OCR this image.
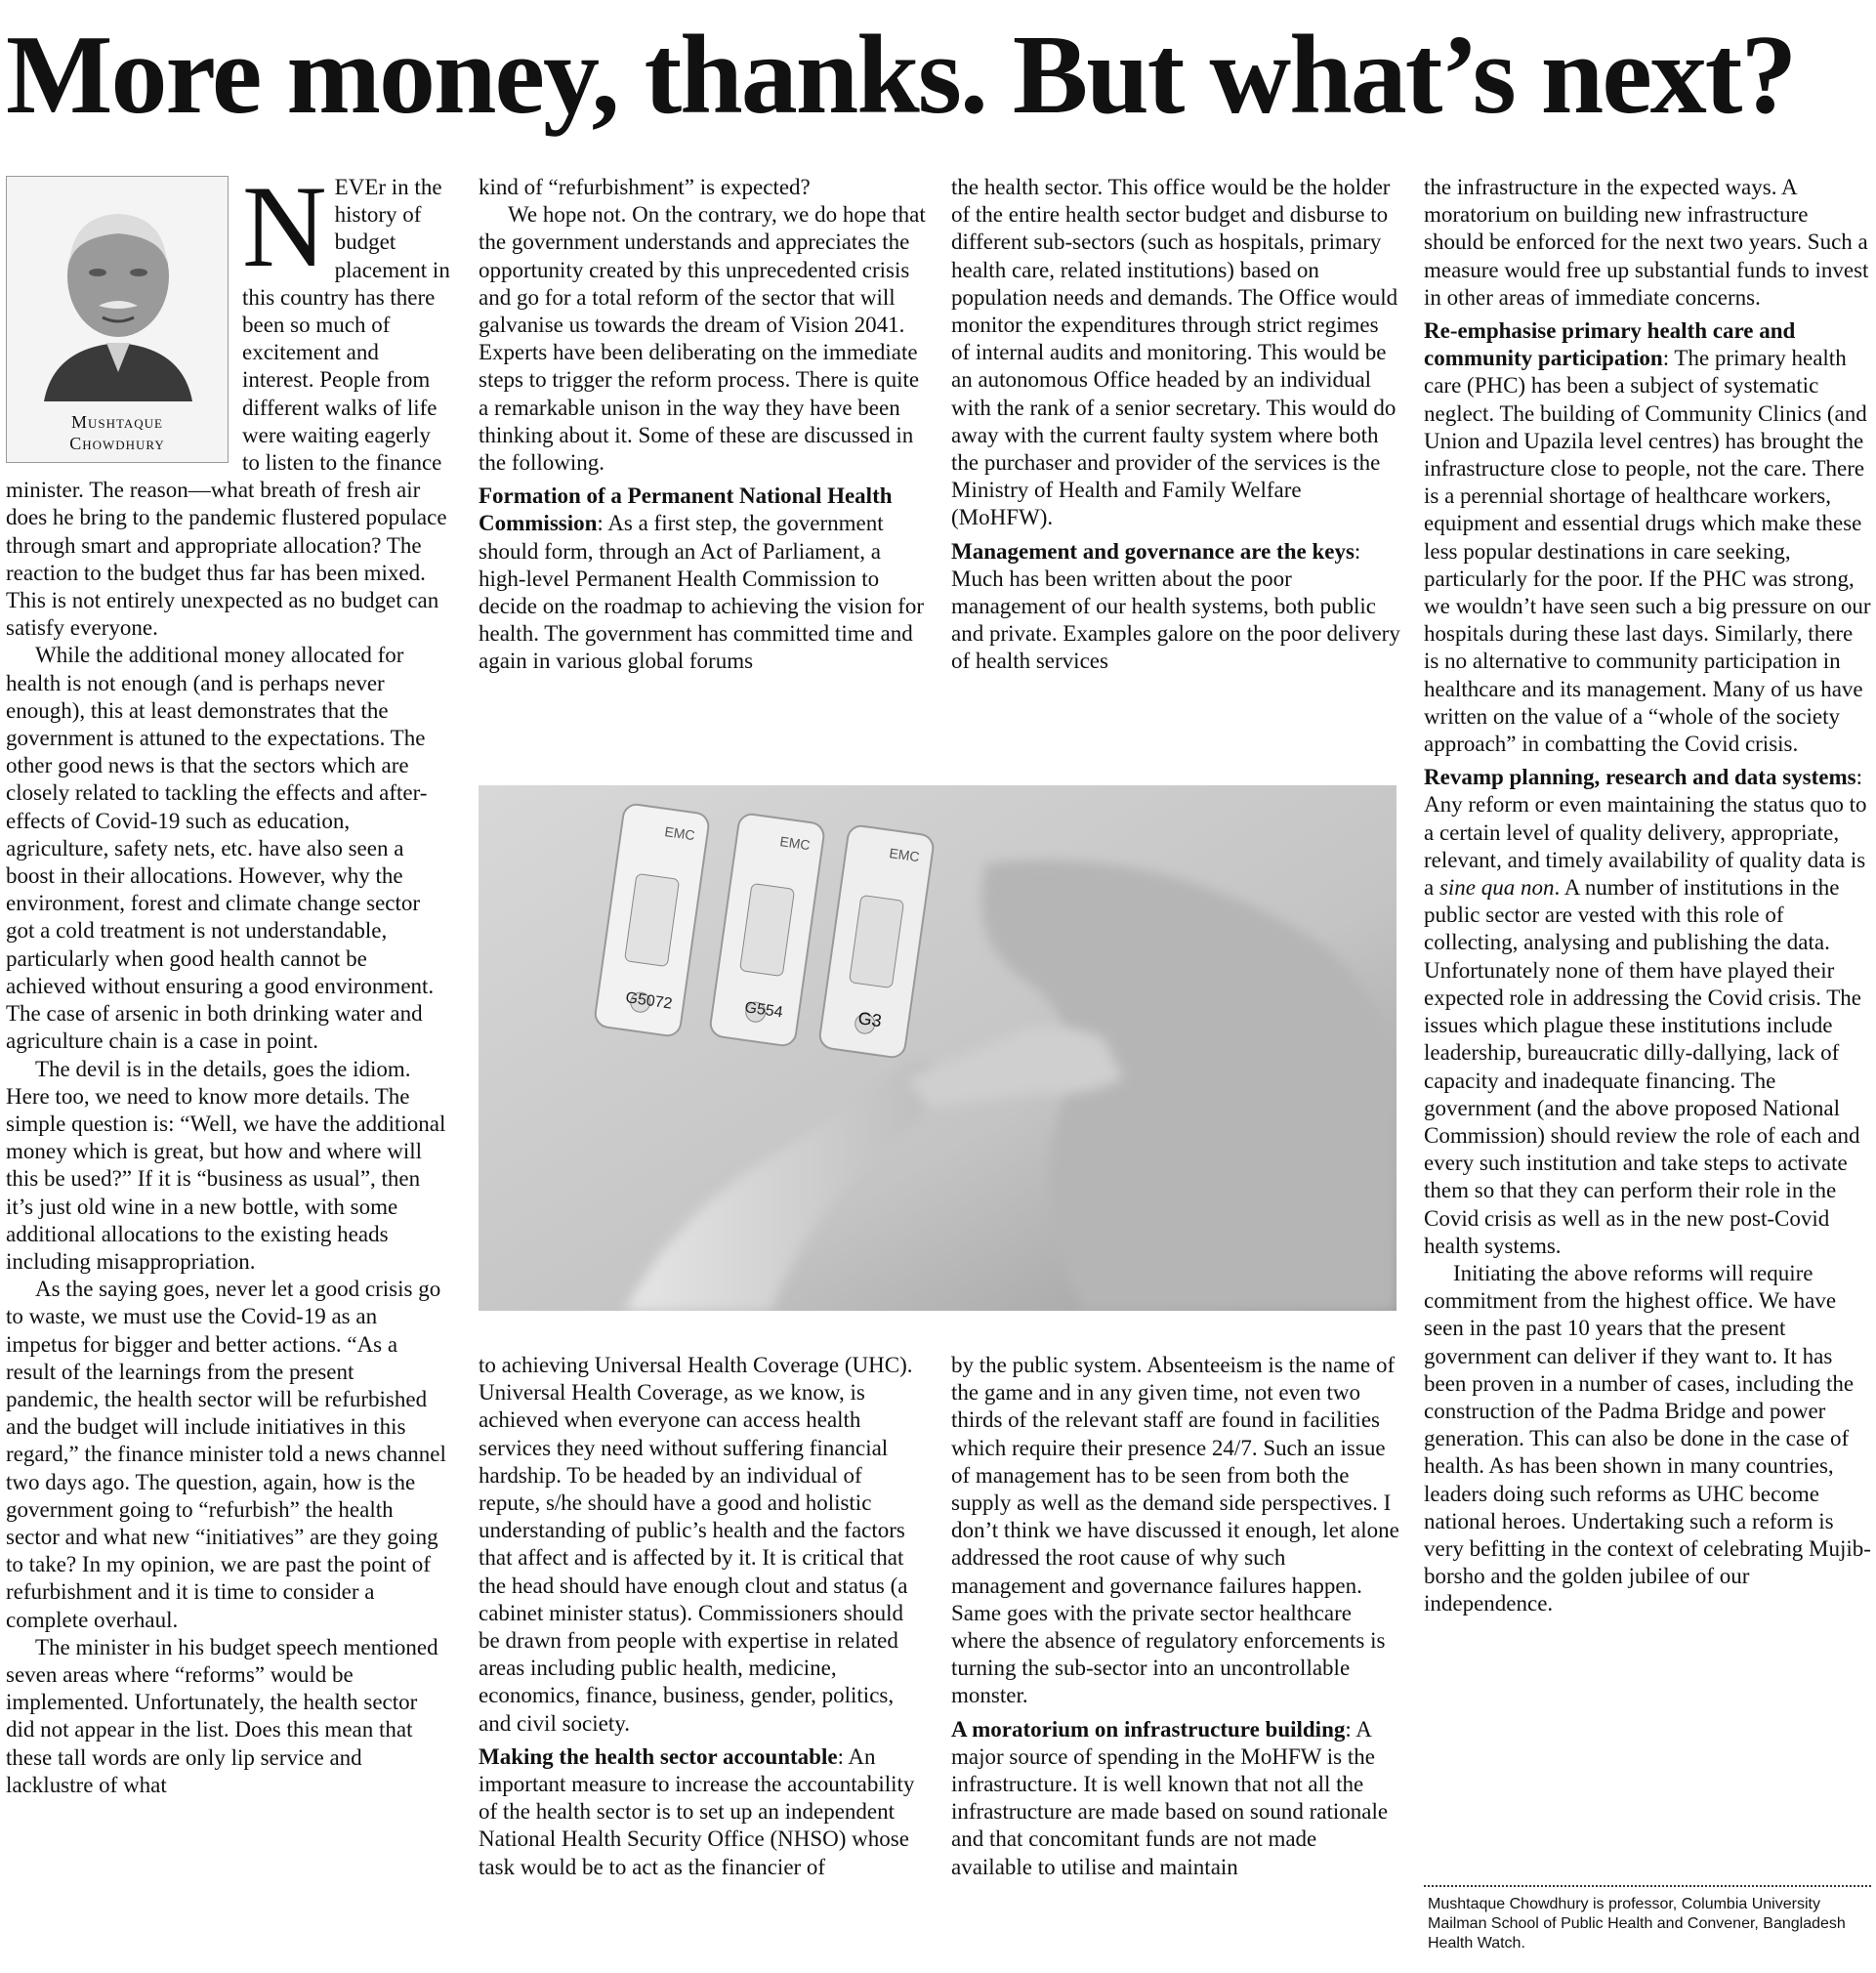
More money, thanks. But what’s next?
Mushtaque
Chowdhury

N EVEr in the history of budget placement in this country has there been so much of excitement and interest. People from different walks of life were waiting eagerly to listen to the finance minister. The reason—what breath of fresh air does he bring to the pandemic flustered populace through smart and appropriate allocation? The reaction to the budget thus far has been mixed. This is not entirely unexpected as no budget can satisfy everyone.

While the additional money allocated for health is not enough (and is perhaps never enough), this at least demonstrates that the government is attuned to the expectations. The other good news is that the sectors which are closely related to tackling the effects and after-effects of Covid-19 such as education, agriculture, safety nets, etc. have also seen a boost in their allocations. However, why the environment, forest and climate change sector got a cold treatment is not understandable, particularly when good health cannot be achieved without ensuring a good environment. The case of arsenic in both drinking water and agriculture chain is a case in point.

The devil is in the details, goes the idiom. Here too, we need to know more details. The simple question is: “Well, we have the additional money which is great, but how and where will this be used?” If it is “business as usual”, then it’s just old wine in a new bottle, with some additional allocations to the existing heads including misappropriation.

As the saying goes, never let a good crisis go to waste, we must use the Covid-19 as an impetus for bigger and better actions. “As a result of the learnings from the present pandemic, the health sector will be refurbished and the budget will include initiatives in this regard,” the finance minister told a news channel two days ago. The question, again, how is the government going to “refurbish” the health sector and what new “initiatives” are they going to take? In my opinion, we are past the point of refurbishment and it is time to consider a complete overhaul.

The minister in his budget speech mentioned seven areas where “reforms” would be implemented. Unfortunately, the health sector did not appear in the list. Does this mean that these tall words are only lip service and lacklustre of what

kind of “refurbishment” is expected?

We hope not. On the contrary, we do hope that the government understands and appreciates the opportunity created by this unprecedented crisis and go for a total reform of the sector that will galvanise us towards the dream of Vision 2041. Experts have been deliberating on the immediate steps to trigger the reform process. There is quite a remarkable unison in the way they have been thinking about it. Some of these are discussed in the following.

Formation of a Permanent National Health Commission: As a first step, the government should form, through an Act of Parliament, a high-level Permanent Health Commission to decide on the roadmap to achieving the vision for health. The government has committed time and again in various global forums

the health sector. This office would be the holder of the entire health sector budget and disburse to different sub-sectors (such as hospitals, primary health care, related institutions) based on population needs and demands. The Office would monitor the expenditures through strict regimes of internal audits and monitoring. This would be an autonomous Office headed by an individual with the rank of a senior secretary. This would do away with the current faulty system where both the purchaser and provider of the services is the Ministry of Health and Family Welfare (MoHFW).

Management and governance are the keys: Much has been written about the poor management of our health systems, both public and private. Examples galore on the poor delivery of health services

EMC	EMC
EMC
G5072	G554	G3

to achieving Universal Health Coverage (UHC). Universal Health Coverage, as we know, is achieved when everyone can access health services they need without suffering financial hardship. To be headed by an individual of repute, s/he should have a good and holistic understanding of public’s health and the factors that affect and is affected by it. It is critical that the head should have enough clout and status (a cabinet minister status). Commissioners should be drawn from people with expertise in related areas including public health, medicine, economics, finance, business, gender, politics, and civil society.

Making the health sector accountable: An important measure to increase the accountability of the health sector is to set up an independent National Health Security Office (NHSO) whose task would be to act as the financier of

by the public system. Absenteeism is the name of the game and in any given time, not even two thirds of the relevant staff are found in facilities which require their presence 24/7. Such an issue of management has to be seen from both the supply as well as the demand side perspectives. I don’t think we have discussed it enough, let alone addressed the root cause of why such management and governance failures happen. Same goes with the private sector healthcare where the absence of regulatory enforcements is turning the sub-sector into an uncontrollable monster.

A moratorium on infrastructure building: A major source of spending in the MoHFW is the infrastructure. It is well known that not all the infrastructure are made based on sound rationale and that concomitant funds are not made available to utilise and maintain

the infrastructure in the expected ways. A moratorium on building new infrastructure should be enforced for the next two years. Such a measure would free up substantial funds to invest in other areas of immediate concerns.

Re-emphasise primary health care and community participation: The primary health care (PHC) has been a subject of systematic neglect. The building of Community Clinics (and Union and Upazila level centres) has brought the infrastructure close to people, not the care. There is a perennial shortage of healthcare workers, equipment and essential drugs which make these less popular destinations in care seeking, particularly for the poor. If the PHC was strong, we wouldn’t have seen such a big pressure on our hospitals during these last days. Similarly, there is no alternative to community participation in healthcare and its management. Many of us have written on the value of a “whole of the society approach” in combatting the Covid crisis.

Revamp planning, research and data systems: Any reform or even maintaining the status quo to a certain level of quality delivery, appropriate, relevant, and timely availability of quality data is a sine qua non. A number of institutions in the public sector are vested with this role of collecting, analysing and publishing the data. Unfortunately none of them have played their expected role in addressing the Covid crisis. The issues which plague these institutions include leadership, bureaucratic dilly-dallying, lack of capacity and inadequate financing. The government (and the above proposed National Commission) should review the role of each and every such institution and take steps to activate them so that they can perform their role in the Covid crisis as well as in the new post-Covid health systems.

Initiating the above reforms will require commitment from the highest office. We have seen in the past 10 years that the present government can deliver if they want to. It has been proven in a number of cases, including the construction of the Padma Bridge and power generation. This can also be done in the case of health. As has been shown in many countries, leaders doing such reforms as UHC become national heroes. Undertaking such a reform is very befitting in the context of celebrating Mujib-borsho and the golden jubilee of our independence.

Mushtaque Chowdhury is professor, Columbia University Mailman School of Public Health and Convener, Bangladesh Health Watch.
